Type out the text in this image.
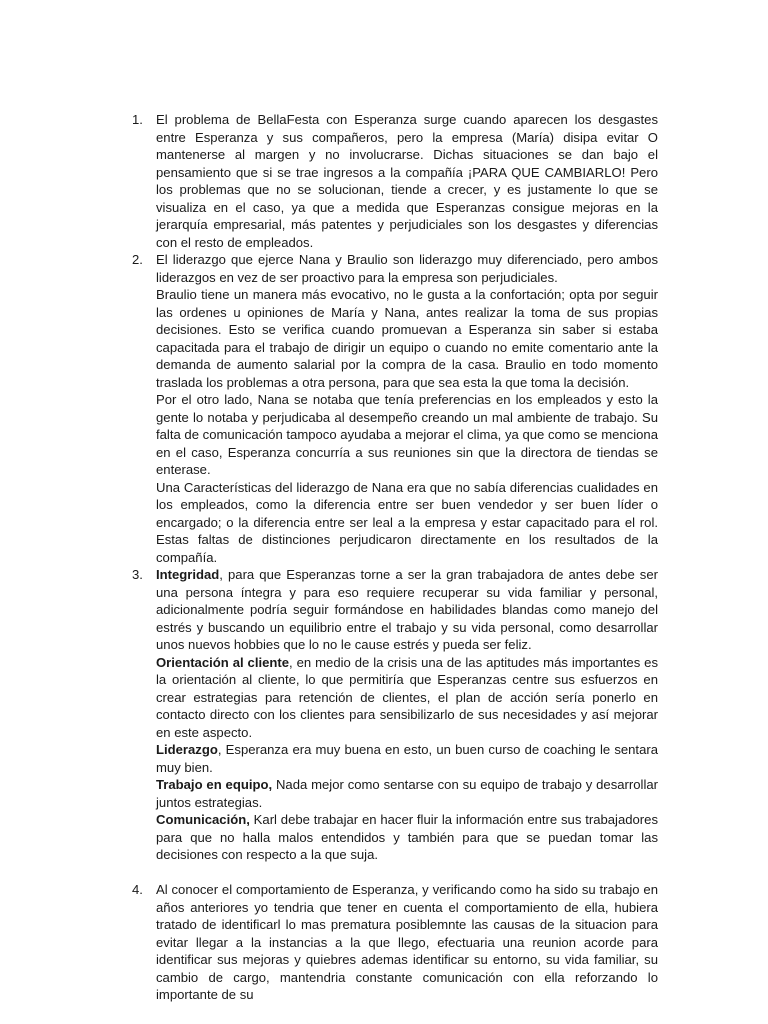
1. El problema de BellaFesta con Esperanza surge cuando aparecen los desgastes entre Esperanza y sus compañeros, pero la empresa (María) disipa evitar O mantenerse al margen y no involucrarse. Dichas situaciones se dan bajo el pensamiento que si se trae ingresos a la compañía ¡PARA QUE CAMBIARLO! Pero los problemas que no se solucionan, tiende a crecer, y es justamente lo que se visualiza en el caso, ya que a medida que Esperanzas consigue mejoras en la jerarquía empresarial, más patentes y perjudiciales son los desgastes y diferencias con el resto de empleados.

2. El liderazgo que ejerce Nana y Braulio son liderazgo muy diferenciado, pero ambos liderazgos en vez de ser proactivo para la empresa son perjudiciales.

Braulio tiene un manera más evocativo, no le gusta a la confortación; opta por seguir las ordenes u opiniones de María y Nana, antes realizar la toma de sus propias decisiones. Esto se verifica cuando promuevan a Esperanza sin saber si estaba capacitada para el trabajo de dirigir un equipo o cuando no emite comentario ante la demanda de aumento salarial por la compra de la casa. Braulio en todo momento traslada los problemas a otra persona, para que sea esta la que toma la decisión.

Por el otro lado, Nana se notaba que tenía preferencias en los empleados y esto la gente lo notaba y perjudicaba al desempeño creando un mal ambiente de trabajo. Su falta de comunicación tampoco ayudaba a mejorar el clima, ya que como se menciona en el caso, Esperanza concurría a sus reuniones sin que la directora de tiendas se enterase.

Una Características del liderazgo de Nana era que no sabía diferencias cualidades en los empleados, como la diferencia entre ser buen vendedor y ser buen líder o encargado; o la diferencia entre ser leal a la empresa y estar capacitado para el rol. Estas faltas de distinciones perjudicaron directamente en los resultados de la compañía.

3. Integridad, para que Esperanzas torne a ser la gran trabajadora de antes debe ser una persona íntegra y para eso requiere recuperar su vida familiar y personal, adicionalmente podría seguir formándose en habilidades blandas como manejo del estrés y buscando un equilibrio entre el trabajo y su vida personal, como desarrollar unos nuevos hobbies que lo no le cause estrés y pueda ser feliz.

Orientación al cliente, en medio de la crisis una de las aptitudes más importantes es la orientación al cliente, lo que permitiría que Esperanzas centre sus esfuerzos en crear estrategias para retención de clientes, el plan de acción sería ponerlo en contacto directo con los clientes para sensibilizarlo de sus necesidades y así mejorar en este aspecto.

Liderazgo, Esperanza era muy buena en esto, un buen curso de coaching le sentara muy bien.

Trabajo en equipo, Nada mejor como sentarse con su equipo de trabajo y desarrollar juntos estrategias.

Comunicación, Karl debe trabajar en hacer fluir la información entre sus trabajadores para que no halla malos entendidos y también para que se puedan tomar las decisiones con respecto a la que suja.

4. Al conocer el comportamiento de Esperanza, y verificando como ha sido su trabajo en años anteriores yo tendria que tener en cuenta el comportamiento de ella, hubiera tratado de identificarl lo mas prematura posiblemnte las causas de la situacion para evitar llegar a la instancias a la que llego, efectuaria una reunion acorde para identificar sus mejoras y quiebres ademas identificar su entorno, su vida familiar, su cambio de cargo, mantendria constante comunicación con ella reforzando lo importante de su
